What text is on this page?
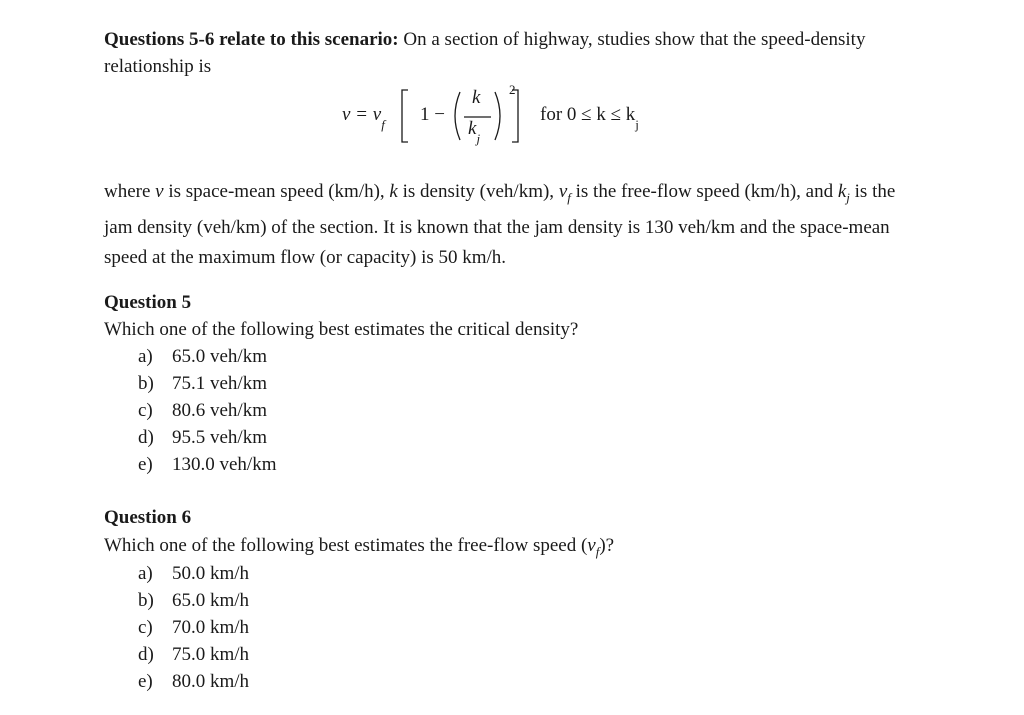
Questions 5-6 relate to this scenario: On a section of highway, studies show that the speed-density relationship is
$v = v_f$ 1 −
k
$k_j$
2
for $0 \le k \le k_j$
where v is space-mean speed (km/h), k is density (veh/km), $v_f$ is the free-flow speed (km/h), and $k_j$ is the jam density (veh/km) of the section. It is known that the jam density is 130 veh/km and the space-mean speed at the maximum flow (or capacity) is 50 km/h.
Question 5
Which one of the following best estimates the critical density?
a) 65.0 veh/km
b) 75.1 veh/km
c) 80.6 veh/km
d) 95.5 veh/km
e) 130.0 veh/km
Question 6
Which one of the following best estimates the free-flow speed $(v_f)$?
a) 50.0 km/h
b) 65.0 km/h
c) 70.0 km/h
d) 75.0 km/h
e) 80.0 km/h
